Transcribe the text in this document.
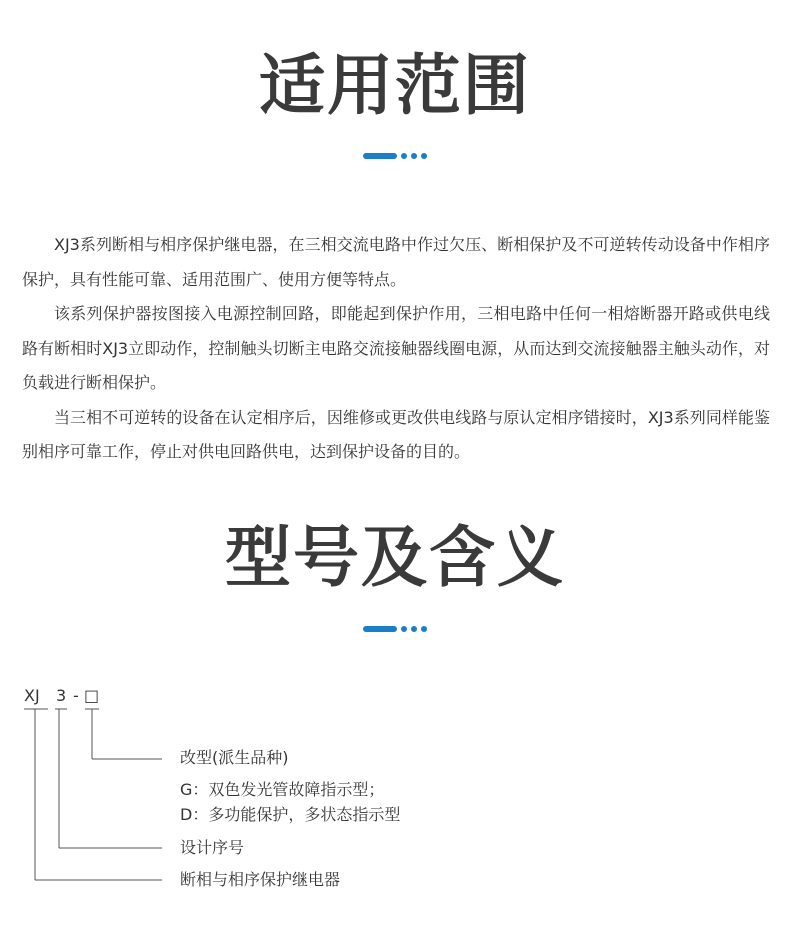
适用范围

XJ3系列断相与相序保护继电器，在三相交流电路中作过欠压、断相保护及不可逆转传动设备中作相序保护，具有性能可靠、适用范围广、使用方便等特点。

该系列保护器按图接入电源控制回路，即能起到保护作用，三相电路中任何一相熔断器开路或供电线路有断相时XJ3立即动作，控制触头切断主电路交流接触器线圈电源，从而达到交流接触器主触头动作，对负载进行断相保护。

当三相不可逆转的设备在认定相序后，因维修或更改供电线路与原认定相序错接时，XJ3系列同样能鉴别相序可靠工作，停止对供电回路供电，达到保护设备的目的。

型号及含义
XJ 3 - □
改型(派生品种)
G：双色发光管故障指示型；
D：多功能保护，多状态指示型
设计序号
断相与相序保护继电器
